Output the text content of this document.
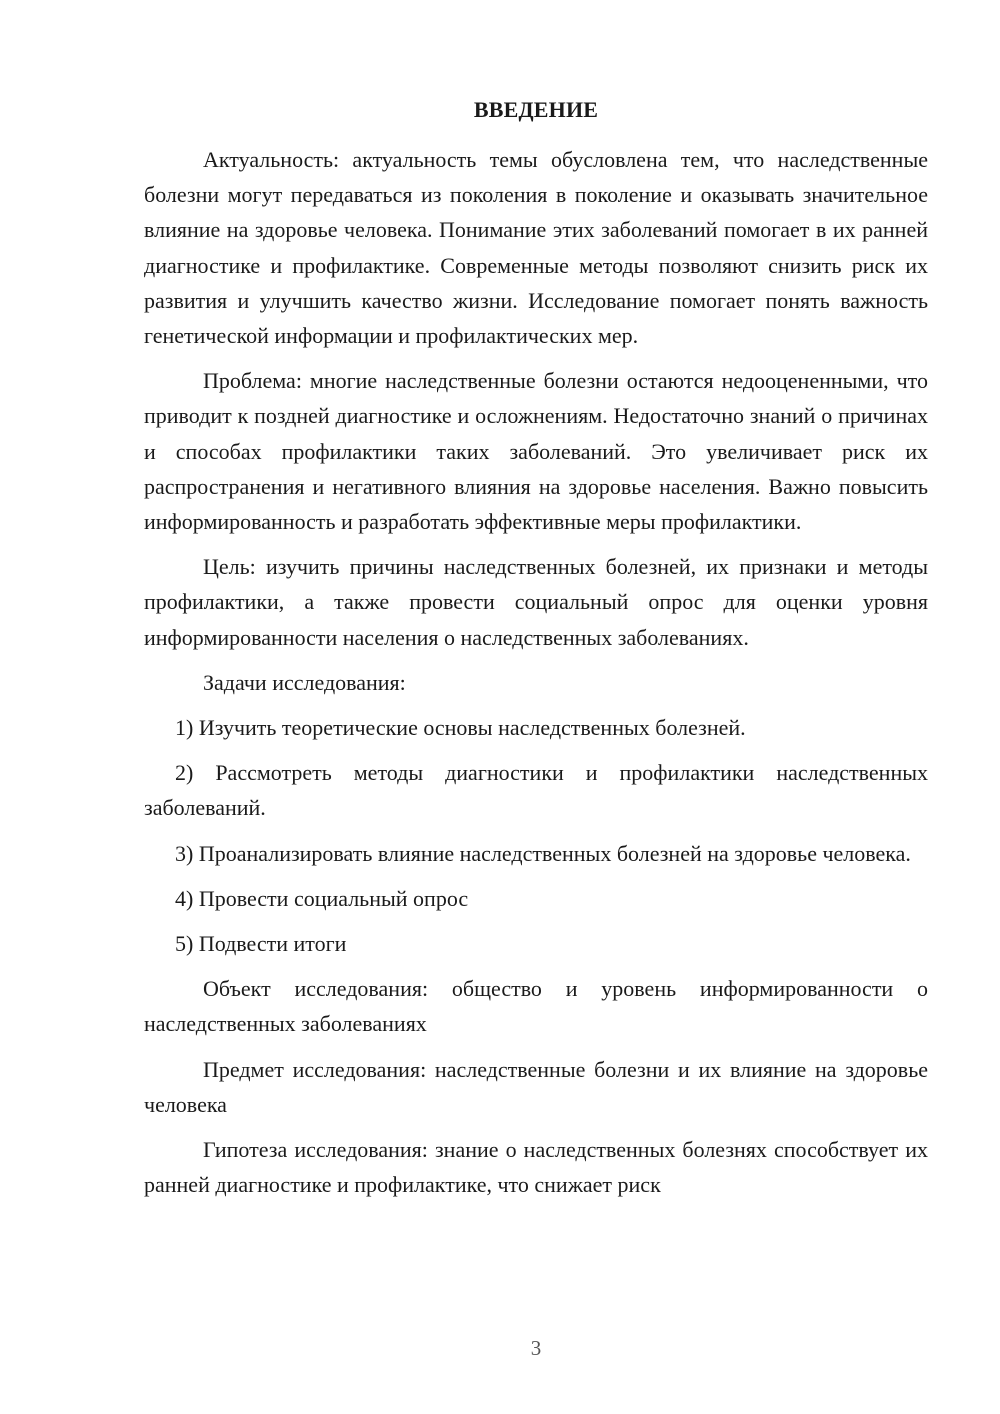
ВВЕДЕНИЕ

Актуальность: актуальность темы обусловлена тем, что наследственные болезни могут передаваться из поколения в поколение и оказывать значительное влияние на здоровье человека. Понимание этих заболеваний помогает в их ранней диагностике и профилактике. Современные методы позволяют снизить риск их развития и улучшить качество жизни. Исследование помогает понять важность генетической информации и профилактических мер.

Проблема: многие наследственные болезни остаются недооцененными, что приводит к поздней диагностике и осложнениям. Недостаточно знаний о причинах и способах профилактики таких заболеваний. Это увеличивает риск их распространения и негативного влияния на здоровье населения. Важно повысить информированность и разработать эффективные меры профилактики.

Цель: изучить причины наследственных болезней, их признаки и методы профилактики, а также провести социальный опрос для оценки уровня информированности населения о наследственных заболеваниях.

Задачи исследования:

1) Изучить теоретические основы наследственных болезней.

2) Рассмотреть методы диагностики и профилактики наследственных заболеваний.

3) Проанализировать влияние наследственных болезней на здоровье человека.

4) Провести социальный опрос

5) Подвести итоги

Объект исследования: общество и уровень информированности о наследственных заболеваниях

Предмет исследования: наследственные болезни и их влияние на здоровье человека

Гипотеза исследования: знание о наследственных болезнях способствует их ранней диагностике и профилактике, что снижает риск

3
